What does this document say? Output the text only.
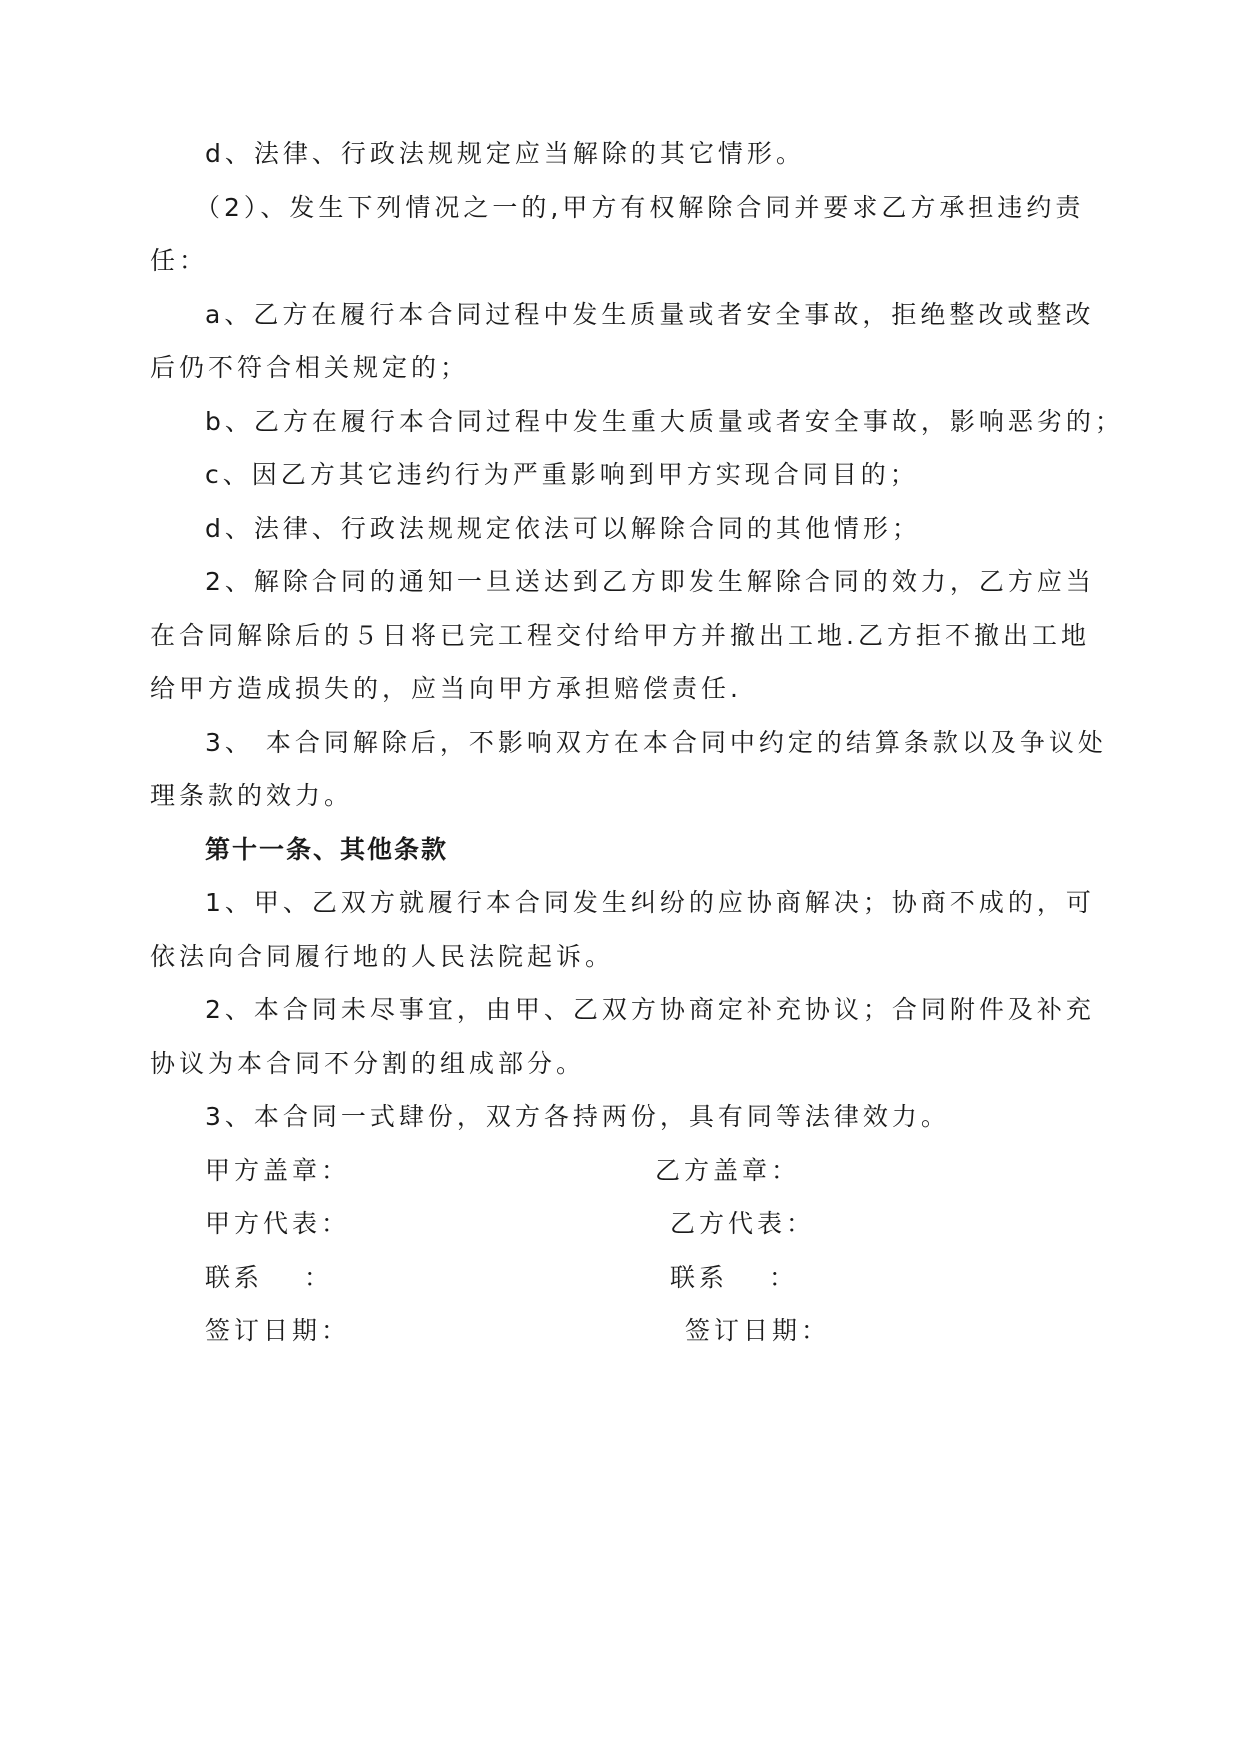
d、法律、行政法规规定应当解除的其它情形。
（2）、发生下列情况之一的,甲方有权解除合同并要求乙方承担违约责
任：
a、乙方在履行本合同过程中发生质量或者安全事故，拒绝整改或整改
后仍不符合相关规定的；
b、乙方在履行本合同过程中发生重大质量或者安全事故，影响恶劣的；
c、因乙方其它违约行为严重影响到甲方实现合同目的；
d、法律、行政法规规定依法可以解除合同的其他情形；
2、解除合同的通知一旦送达到乙方即发生解除合同的效力，乙方应当
在合同解除后的５日将已完工程交付给甲方并撤出工地.乙方拒不撤出工地
给甲方造成损失的，应当向甲方承担赔偿责任.
3、 本合同解除后，不影响双方在本合同中约定的结算条款以及争议处
理条款的效力。
第十一条、其他条款
1、甲、乙双方就履行本合同发生纠纷的应协商解决；协商不成的，可
依法向合同履行地的人民法院起诉。
2、本合同未尽事宜，由甲、乙双方协商定补充协议；合同附件及补充
协议为本合同不分割的组成部分。
3、本合同一式肆份，双方各持两份，具有同等法律效力。
甲方盖章：
甲方代表：
联系　 ：
签订日期：
乙方盖章：
乙方代表：
联系　 ：
签订日期：
